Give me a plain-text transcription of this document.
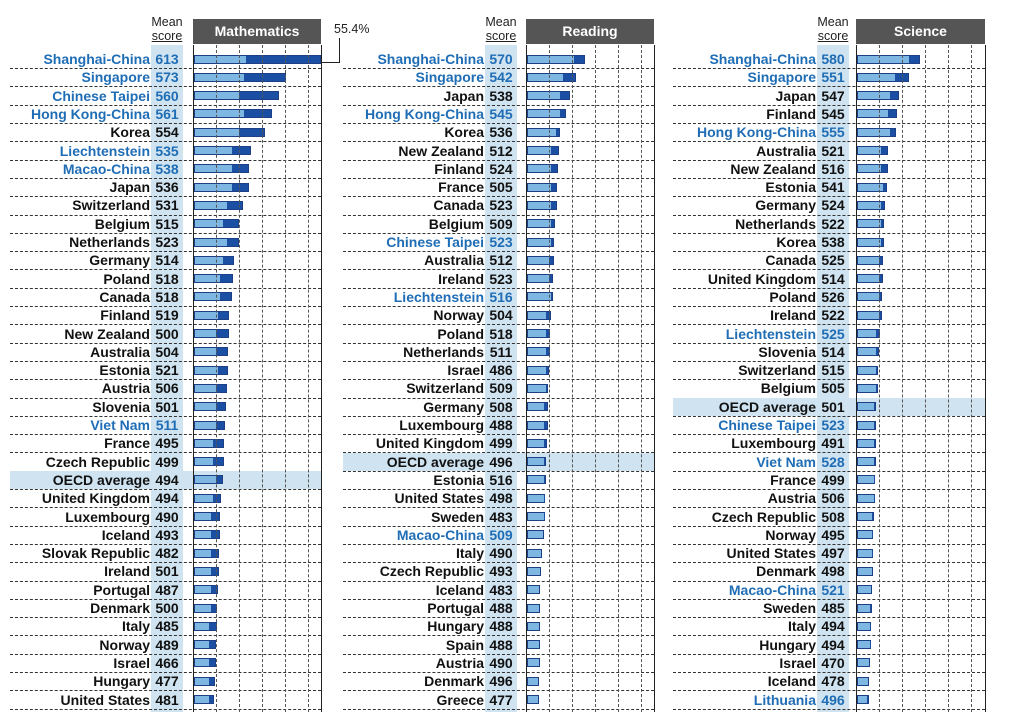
Mean
score	Mathematics
Shanghai-China 613
Singapore 573
Chinese Taipei 560
Hong Kong-China 561
Korea 554
Liechtenstein 535
Macao-China 538
Japan 536
Switzerland 531
Belgium 515
Netherlands 523
Germany 514
Poland 518
Canada 518
Finland 519
New Zealand 500
Australia 504
Estonia 521
Austria 506
Slovenia 501
Viet Nam 511
France 495
Czech Republic 499
OECD average 494
United Kingdom 494
Luxembourg 490
Iceland 493
Slovak Republic 482
Ireland 501
Portugal 487
Denmark 500
Italy 485
Norway 489
Israel 466
Hungary 477
United States 481
55.4%	Mean
score	Reading
Shanghai-China 570
Singapore 542
Japan 538
Hong Kong-China 545
Korea 536
New Zealand 512
Finland 524
France 505
Canada 523
Belgium 509
Chinese Taipei 523
Australia 512
Ireland 523
Liechtenstein 516
Norway 504
Poland 518
Netherlands 511
Israel 486
Switzerland 509
Germany 508
Luxembourg 488
United Kingdom 499
OECD average 496
Estonia 516
United States 498
Sweden 483
Macao-China 509
Italy 490
Czech Republic 493
Iceland 483
Portugal 488
Hungary 488
Spain 488
Austria 490
Denmark 496
Greece 477
Mean
score	Science
Shanghai-China 580
Singapore 551
Japan 547
Finland 545
Hong Kong-China 555
Australia 521
New Zealand 516
Estonia 541
Germany 524
Netherlands 522
Korea 538
Canada 525
United Kingdom 514
Poland 526
Ireland 522
Liechtenstein 525
Slovenia 514
Switzerland 515
Belgium 505
OECD average 501
Chinese Taipei 523
Luxembourg 491
Viet Nam 528
France 499
Austria 506
Czech Republic 508
Norway 495
United States 497
Denmark 498
Macao-China 521
Sweden 485
Italy 494
Hungary 494
Israel 470
Iceland 478
Lithuania 496
